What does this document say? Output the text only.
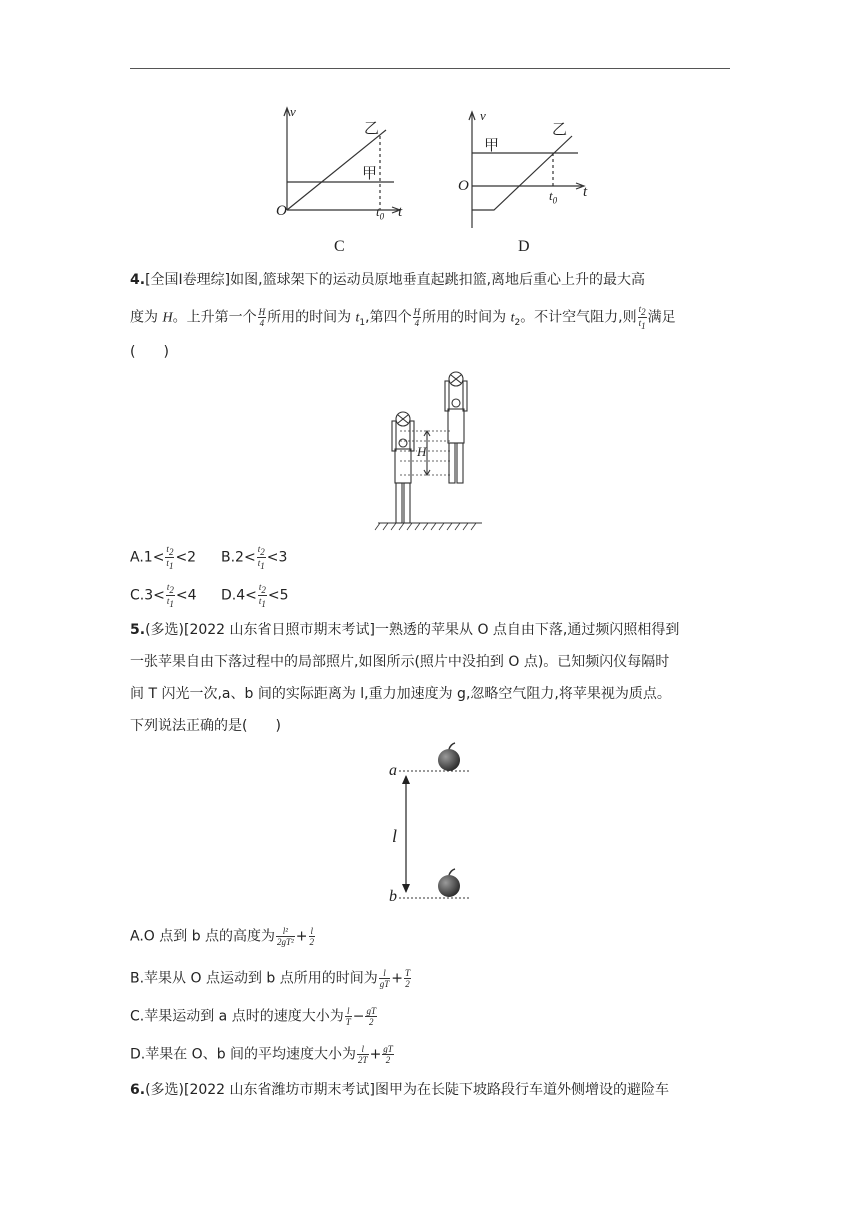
v
乙
甲
O	$t_0$ t
C
v
甲
乙
O
$t_0$
t
D
4.[全国Ⅰ卷理综]如图,篮球架下的运动员原地垂直起跳扣篮,离地后重心上升的最大高
度为 H。上升第一个 $\frac{H}{4}$ 所用的时间为 $t_1$,第四个 $\frac{H}{4}$ 所用的时间为 $t_2$。不计空气阻力,则 $\frac{t2}{t1}$ 满足
(　　)
H
$A.1< \frac{t2}{t1} <2$ $B.2< \frac{t2}{t1} <3$
$C.3< \frac{t2}{t1} <4$ $D.4< \frac{t2}{t1} <5$
5.(多选)[2022 山东省日照市期末考试]一熟透的苹果从 O 点自由下落,通过频闪照相得到
一张苹果自由下落过程中的局部照片,如图所示(照片中没拍到 O 点)。已知频闪仪每隔时
间 T 闪光一次,a、b 间的实际距离为 l,重力加速度为 g,忽略空气阻力,将苹果视为质点。
下列说法正确的是(　　)
a
l
b
A.O 点到 b 点的高度为 $\frac{\text{l²}}{\text{2gT²}} + \frac{l}{2}$
B.苹果从 O 点运动到 b 点所用的时间为 $\frac{l}{gT} + \frac{T}{2}$
C.苹果运动到 a 点时的速度大小为 $\frac{l}{T} - \frac{gT}{2}$
D.苹果在 O、b 间的平均速度大小为 $\frac{l}{2T} + \frac{gT}{2}$
6.(多选)[2022 山东省潍坊市期末考试]图甲为在长陡下坡路段行车道外侧增设的避险车
